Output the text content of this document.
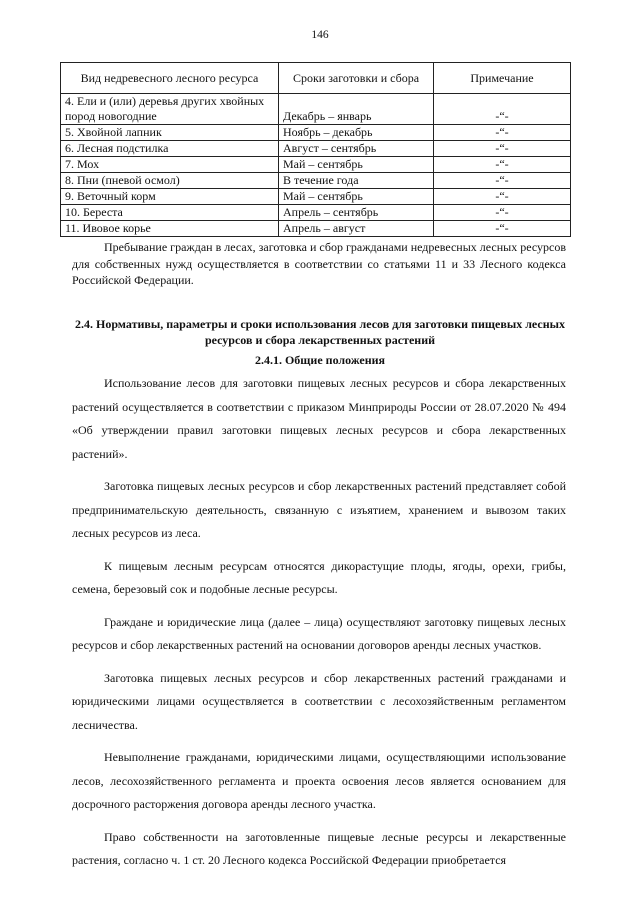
146
Вид недревесного лесного ресурса	Сроки заготовки и сбора	Примечание
4. Ели и (или) деревья других хвойных пород новогодние	Декабрь – январь	-“-
5. Хвойной лапник	Ноябрь – декабрь	-“-
6. Лесная подстилка	Август – сентябрь	-“-
7. Мох	Май – сентябрь	-“-
8. Пни (пневой осмол)	В течение года	-“-
9. Веточный корм	Май – сентябрь	-“-
10. Береста	Апрель – сентябрь	-“-
11. Ивовое корье	Апрель – август	-“-

Пребывание граждан в лесах, заготовка и сбор гражданами недревесных лесных ресурсов для собственных нужд осуществляется в соответствии со статьями 11 и 33 Лесного кодекса Российской Федерации.

2.4. Нормативы, параметры и сроки использования лесов для заготовки пищевых лесных ресурсов и сбора лекарственных растений

2.4.1. Общие положения

Использование лесов для заготовки пищевых лесных ресурсов и сбора лекарственных растений осуществляется в соответствии с приказом Минприроды России от 28.07.2020 № 494 «Об утверждении правил заготовки пищевых лесных ресурсов и сбора лекарственных растений».

Заготовка пищевых лесных ресурсов и сбор лекарственных растений представляет собой предпринимательскую деятельность, связанную с изъятием, хранением и вывозом таких лесных ресурсов из леса.

К пищевым лесным ресурсам относятся дикорастущие плоды, ягоды, орехи, грибы, семена, березовый сок и подобные лесные ресурсы.

Граждане и юридические лица (далее – лица) осуществляют заготовку пищевых лесных ресурсов и сбор лекарственных растений на основании договоров аренды лесных участков.

Заготовка пищевых лесных ресурсов и сбор лекарственных растений гражданами и юридическими лицами осуществляется в соответствии с лесохозяйственным регламентом лесничества.

Невыполнение гражданами, юридическими лицами, осуществляющими использование лесов, лесохозяйственного регламента и проекта освоения лесов является основанием для досрочного расторжения договора аренды лесного участка.

Право собственности на заготовленные пищевые лесные ресурсы и лекарственные растения, согласно ч. 1 ст. 20 Лесного кодекса Российской Федерации приобретается
